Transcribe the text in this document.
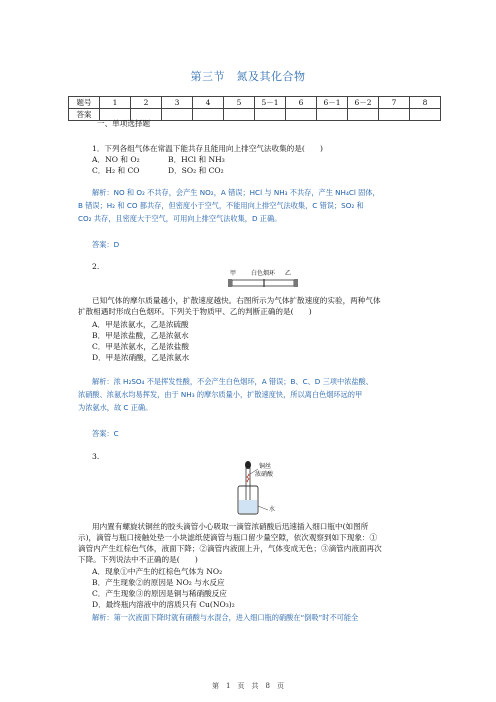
第三节　氮及其化合物
题号	1	2	3	4	5	5－1	6	6－1	6－2	7	8
答案											
一、单项选择题
1．下列各组气体在常温下能共存且能用向上排空气法收集的是(　　)
A．NO 和 O₂	B．HCl 和 NH₃
C．H₂ 和 CO	D．SO₂ 和 CO₂
解析：NO 和 O₂ 不共存，会产生 NO₂，A 错误；HCl 与 NH₃ 不共存，产生 NH₄Cl 固体，
B 错误；H₂ 和 CO 都共存，但密度小于空气，不能用向上排空气法收集，C 错误；SO₂ 和
CO₂ 共存，且密度大于空气，可用向上排空气法收集，D 正确。
答案：D
2.
甲 白色烟环 乙
已知气体的摩尔质量越小，扩散速度越快。右图所示为气体扩散速度的实验，两种气体
扩散相遇时形成白色烟环。下列关于物质甲、乙的判断正确的是(　　)
A．甲是浓氨水，乙是浓硫酸
B．甲是浓盐酸，乙是浓氨水
C．甲是浓氨水，乙是浓盐酸
D．甲是浓硝酸，乙是浓氨水
解析：浓 H₂SO₄ 不是挥发性酸，不会产生白色烟环，A 错误；B、C、D 三项中浓盐酸、
浓硝酸、浓氨水均易挥发，由于 NH₃ 的摩尔质量小，扩散速度快，所以离白色烟环远的甲
为浓氨水，故 C 正确。
答案：C
3.
铜丝
浓硝酸
水
用内置有螺旋状铜丝的胶头滴管小心吸取一滴管浓硝酸后迅速插入细口瓶中(如图所
示)，滴管与瓶口接触处垫一小块滤纸使滴管与瓶口留少量空隙，依次观察到如下现象：①
滴管内产生红棕色气体，液面下降；②滴管内液面上升，气体变成无色；③滴管内液面再次
下降。下列说法中不正确的是(　　)
A．现象①中产生的红棕色气体为 NO₂
B．产生现象②的原因是 NO₂ 与水反应
C．产生现象③的原因是铜与稀硝酸反应
D．最终瓶内溶液中的溶质只有 Cu(NO₃)₂
解析：第一次液面下降时就有硝酸与水混合，进入细口瓶的硝酸在“倒吸”时不可能全
第　1　页　共　8　页
